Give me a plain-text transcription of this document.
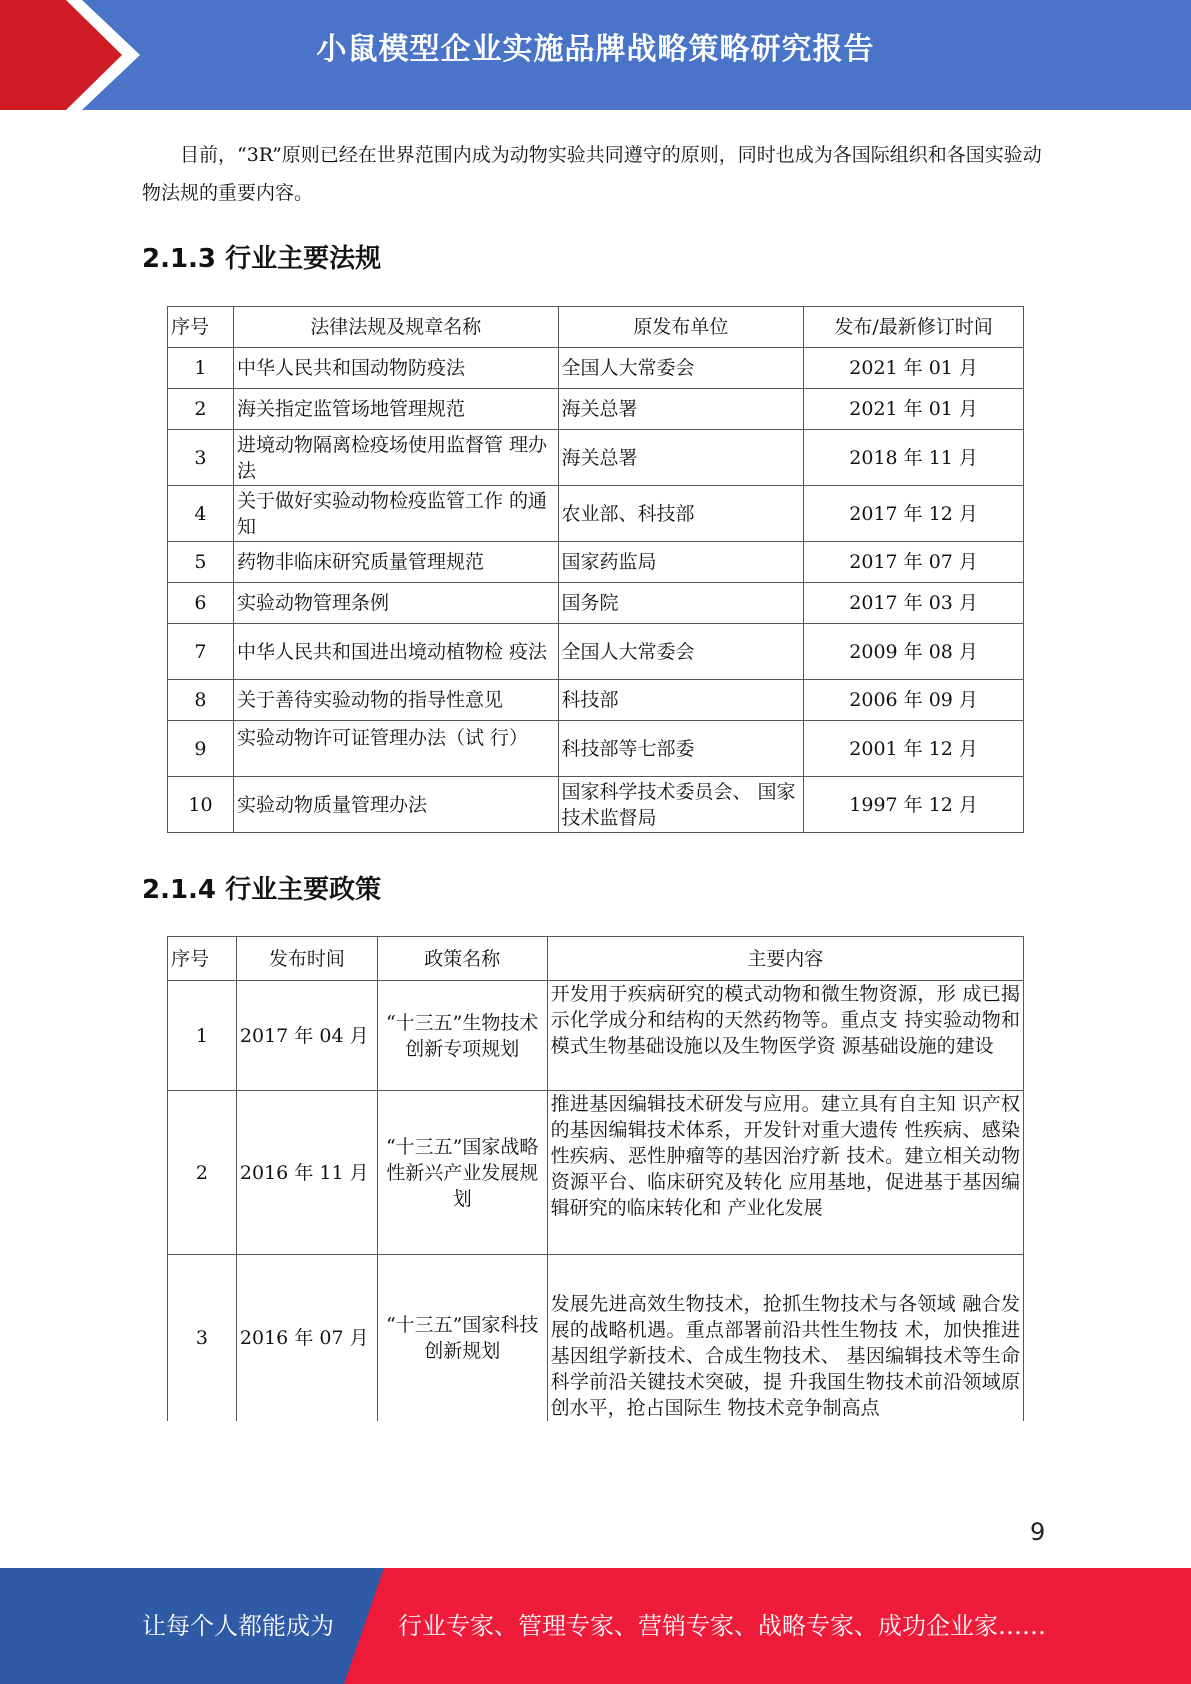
小鼠模型企业实施品牌战略策略研究报告

目前，“3R”原则已经在世界范围内成为动物实验共同遵守的原则，同时也成为各国际组织和各国实验动物法规的重要内容。

2.1.3 行业主要法规
序号	法律法规及规章名称	原发布单位	发布/最新修订时间
1	中华人民共和国动物防疫法	全国人大常委会	2021 年 01 月
2	海关指定监管场地管理规范	海关总署	2021 年 01 月
3	进境动物隔离检疫场使用监督管 理办法	海关总署	2018 年 11 月
4	关于做好实验动物检疫监管工作 的通知	农业部、科技部	2017 年 12 月
5	药物非临床研究质量管理规范	国家药监局	2017 年 07 月
6	实验动物管理条例	国务院	2017 年 03 月
7	中华人民共和国进出境动植物检 疫法	全国人大常委会	2009 年 08 月
8	关于善待实验动物的指导性意见	科技部	2006 年 09 月
9	实验动物许可证管理办法（试 行）	科技部等七部委	2001 年 12 月
10	实验动物质量管理办法	国家科学技术委员会、 国家技术监督局	1997 年 12 月
2.1.4 行业主要政策
序号	发布时间	政策名称	主要内容
1	2017 年 04 月	“十三五”生物技术创新专项规划	开发用于疾病研究的模式动物和微生物资源，形 成已揭示化学成分和结构的天然药物等。重点支 持实验动物和模式生物基础设施以及生物医学资 源基础设施的建设
2	2016 年 11 月	“十三五”国家战略性新兴产业发展规划	推进基因编辑技术研发与应用。建立具有自主知 识产权的基因编辑技术体系，开发针对重大遗传 性疾病、感染性疾病、恶性肿瘤等的基因治疗新 技术。建立相关动物资源平台、临床研究及转化 应用基地，促进基于基因编辑研究的临床转化和 产业化发展
3	2016 年 07 月	“十三五”国家科技创新规划	发展先进高效生物技术，抢抓生物技术与各领域 融合发展的战略机遇。重点部署前沿共性生物技 术，加快推进基因组学新技术、合成生物技术、 基因编辑技术等生命科学前沿关键技术突破，提 升我国生物技术前沿领域原创水平，抢占国际生 物技术竞争制高点
9
让每个人都能成为	行业专家、管理专家、营销专家、战略专家、成功企业家……
